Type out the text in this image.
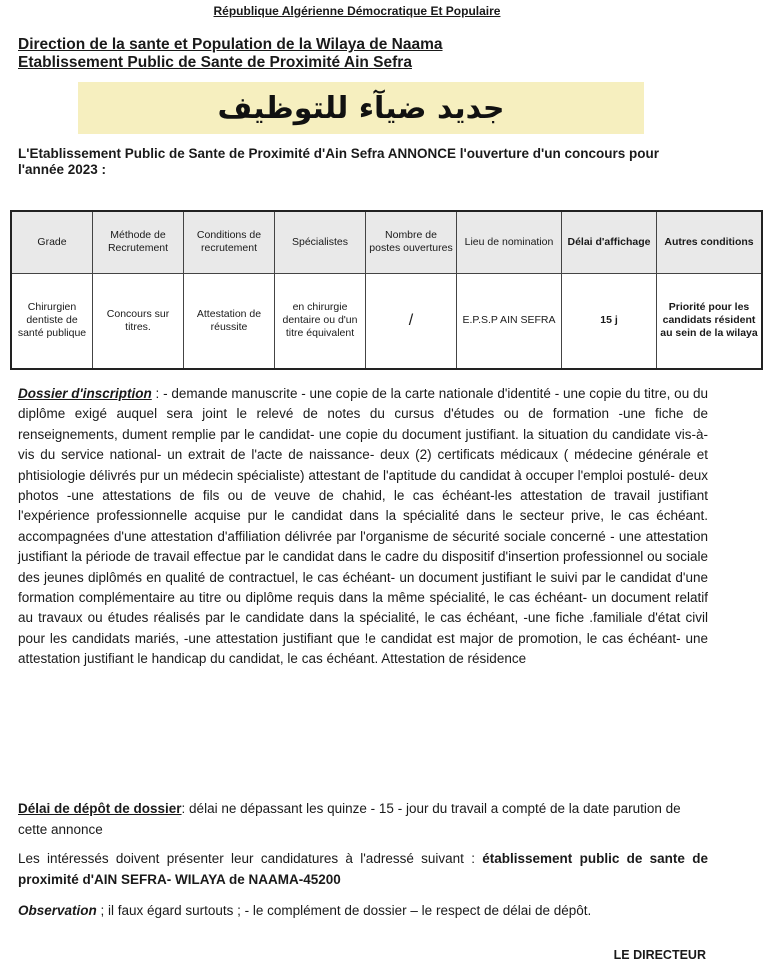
République Algérienne Démocratique Et Populaire
Direction de la sante et Population de la Wilaya de Naama
Etablissement Public de Sante de Proximité Ain Sefra
جديد ضيآء للتوظيف
L'Etablissement Public de Sante de Proximité d'Ain Sefra ANNONCE l'ouverture d'un concours pour l'année 2023 :
Grade	Méthode de Recrutement	Conditions de recrutement	Spécialistes	Nombre de postes ouvertures	Lieu de nomination	Délai d'affichage	Autres conditions
Chirurgien dentiste de santé publique	Concours sur titres.	Attestation de réussite	en chirurgie dentaire ou d'un titre équivalent	/	E.P.S.P AIN SEFRA	15 j	Priorité pour les candidats résident au sein de la wilaya
Dossier d'inscription : - demande manuscrite - une copie de la carte nationale d'identité - une copie du titre, ou du diplôme exigé auquel sera joint le relevé de notes du cursus d'études ou de formation -une fiche de renseignements, dument remplie par le candidat- une copie du document justifiant. la situation du candidate vis-à-vis du service national- un extrait de l'acte de naissance- deux (2) certificats médicaux ( médecine générale et phtisiologie délivrés pur un médecin spécialiste) attestant de l'aptitude du candidat à occuper l'emploi postulé- deux photos -une attestations de fils ou de veuve de chahid, le cas échéant-les attestation de travail justifiant l'expérience professionnelle acquise pur le candidat dans la spécialité dans le secteur prive, le cas échéant. accompagnées d'une attestation d'affiliation délivrée par l'organisme de sécurité sociale concerné - une attestation justifiant la période de travail effectue par le candidat dans le cadre du dispositif d'insertion professionnel ou sociale des jeunes diplômés en qualité de contractuel, le cas échéant- un document justifiant le suivi par le candidat d'une formation complémentaire au titre ou diplôme requis dans la même spécialité, le cas échéant- un document relatif au travaux ou études réalisés par le candidate dans la spécialité, le cas échéant, -une fiche .familiale d'état civil pour les candidats mariés, -une attestation justifiant que !e candidat est major de promotion, le cas échéant- une attestation justifiant le handicap du candidat, le cas échéant. Attestation de résidence
Délai de dépôt de dossier: délai ne dépassant les quinze - 15 - jour du travail a compté de la date parution de cette annonce
Les intéressés doivent présenter leur candidatures à l'adressé suivant : établissement public de sante de proximité d'AIN SEFRA- WILAYA de NAAMA-45200
Observation ; il faux égard surtouts ; - le complément de dossier – le respect de délai de dépôt.
LE DIRECTEUR
